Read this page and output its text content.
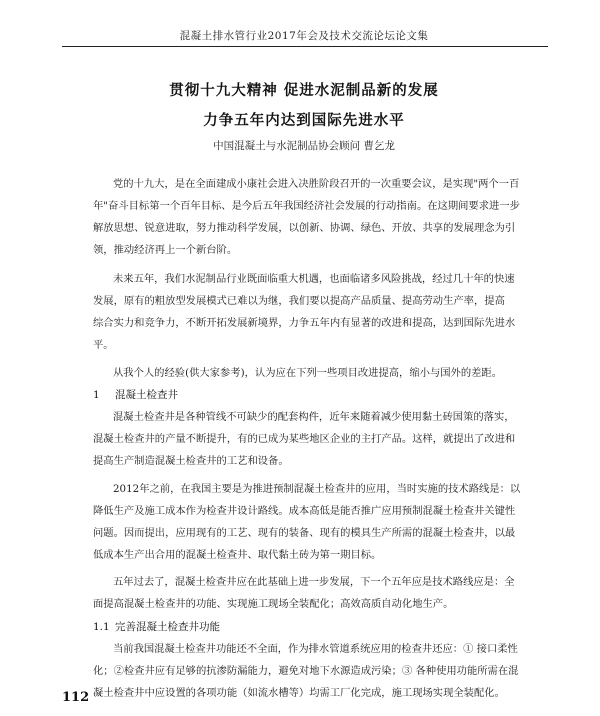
混凝土排水管行业2017年会及技术交流论坛论文集
贯彻十九大精神 促进水泥制品新的发展
力争五年内达到国际先进水平
中国混凝土与水泥制品协会顾问 曹乞龙
党的十九大，是在全面建成小康社会进入决胜阶段召开的一次重要会议，是实现"两个一百
年"奋斗目标第一个百年目标、是今后五年我国经济社会发展的行动指南。在这期间要求进一步
解放思想、锐意进取，努力推动科学发展，以创新、协调、绿色、开放、共享的发展理念为引
领，推动经济再上一个新台阶。
未来五年，我们水泥制品行业既面临重大机遇，也面临诸多风险挑战，经过几十年的快速
发展，原有的粗放型发展模式已难以为继，我们要以提高产品质量、提高劳动生产率，提高
综合实力和竞争力，不断开拓发展新境界，力争五年内有显著的改进和提高，达到国际先进水
平。
从我个人的经验(供大家参考)，认为应在下列一些项目改进提高，缩小与国外的差距。
1 混凝土检查井
混凝土检查井是各种管线不可缺少的配套构件，近年来随着减少使用黏土砖国策的落实，
混凝土检查井的产量不断提升，有的已成为某些地区企业的主打产品。这样，就提出了改进和
提高生产制造混凝土检查井的工艺和设备。
2012年之前，在我国主要是为推进预制混凝土检查井的应用，当时实施的技术路线是：以
降低生产及施工成本作为检查井设计路线。成本高低是能否推广应用预制混凝土检查井关键性
问题。因而提出，应用现有的工艺、现有的装备、现有的模具生产所需的混凝土检查井，以最
低成本生产出合用的混凝土检查井、取代黏土砖为第一期目标。
五年过去了，混凝土检查井应在此基础上进一步发展，下一个五年应是技术路线应是：全
面提高混凝土检查井的功能、实现施工现场全装配化；高效高质自动化地生产。
1.1 完善混凝土检查井功能
当前我国混凝土检查井功能还不全面，作为排水管道系统应用的检查井还应：① 接口柔性
化；②检查井应有足够的抗渗防漏能力，避免对地下水源造成污染；③ 各种使用功能所需在混
凝土检查井中应设置的各项功能（如流水槽等）均需工厂化完成，施工现场实现全装配化。
112
